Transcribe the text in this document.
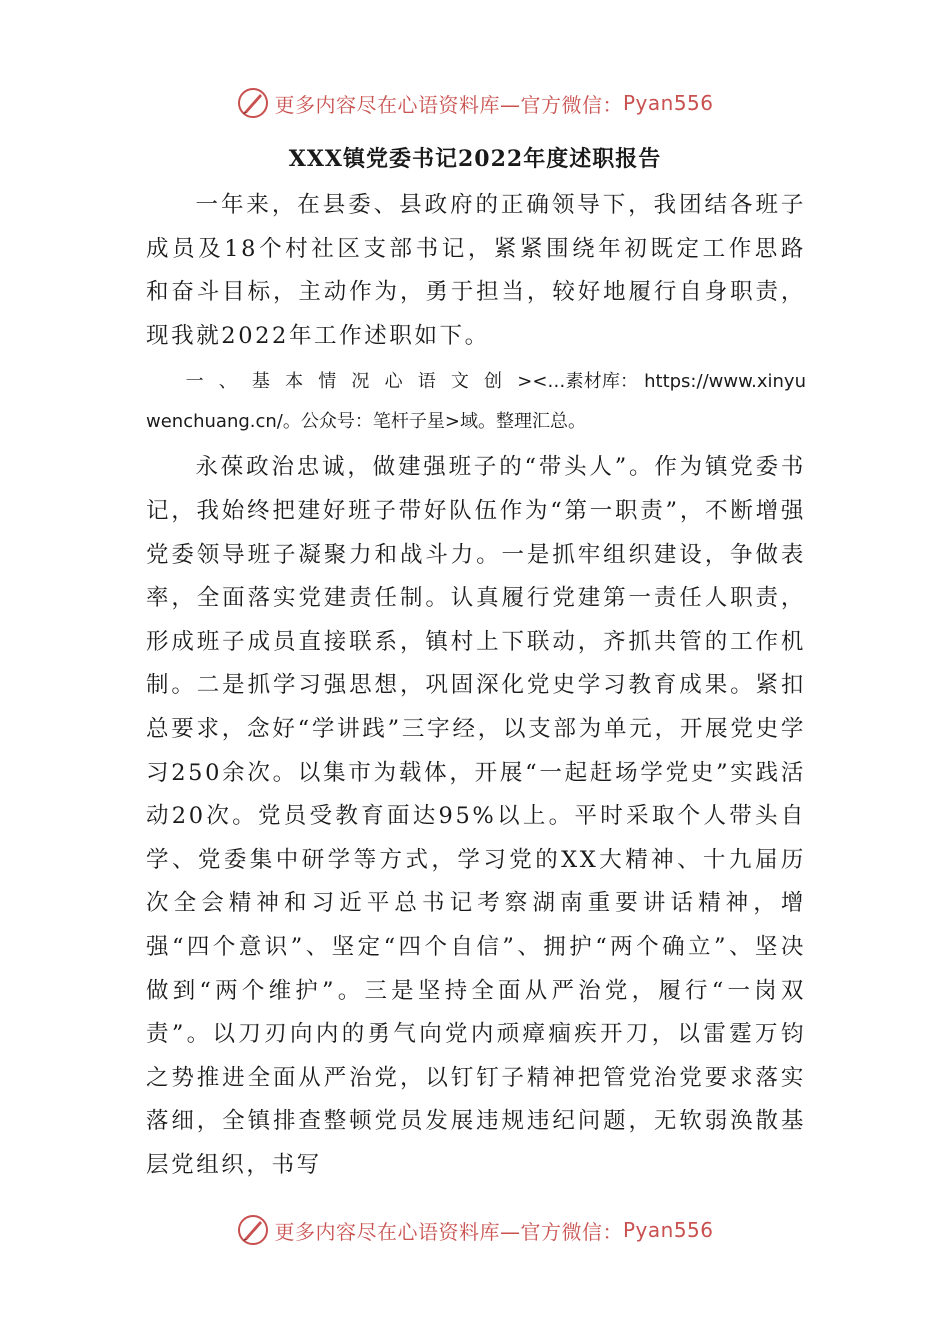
更多内容尽在心语资料库—官方微信： Pyan556
XXX镇党委书记2022年度述职报告

一年来，在县委、县政府的正确领导下，我团结各班子成员及18个村社区支部书记，紧紧围绕年初既定工作思路和奋斗目标，主动作为，勇于担当，较好地履行自身职责，现我就2022年工作述职如下。

一、基本情况心语文创><…素材库： https://www.xinyuwenchuang.cn/。公众号：笔杆子星>域。整理汇总。

永葆政治忠诚，做建强班子的“带头人”。作为镇党委书记，我始终把建好班子带好队伍作为“第一职责”，不断增强党委领导班子凝聚力和战斗力。一是抓牢组织建设，争做表率，全面落实党建责任制。认真履行党建第一责任人职责，形成班子成员直接联系，镇村上下联动，齐抓共管的工作机制。二是抓学习强思想，巩固深化党史学习教育成果。紧扣总要求，念好“学讲践”三字经，以支部为单元，开展党史学习250余次。以集市为载体，开展“一起赶场学党史”实践活动20次。党员受教育面达95%以上。平时采取个人带头自学、党委集中研学等方式，学习党的XX大精神、十九届历次全会精神和习近平总书记考察湖南重要讲话精神，增强“四个意识”、坚定“四个自信”、拥护“两个确立”、坚决做到“两个维护”。三是坚持全面从严治党，履行“一岗双责”。以刀刃向内的勇气向党内顽瘴痼疾开刀，以雷霆万钧之势推进全面从严治党，以钉钉子精神把管党治党要求落实落细，全镇排查整顿党员发展违规违纪问题，无软弱涣散基层党组织，书写

更多内容尽在心语资料库—官方微信： Pyan556
